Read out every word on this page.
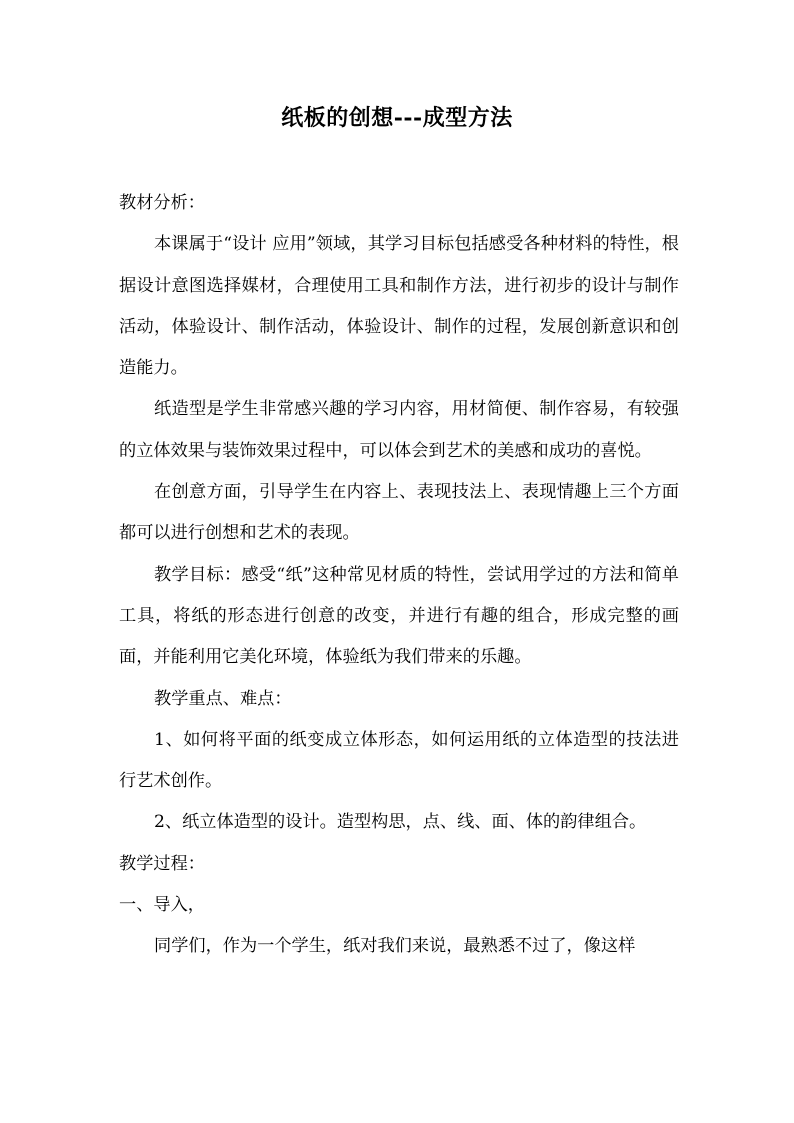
纸板的创想---成型方法

教材分析：

本课属于“设计 应用”领域，其学习目标包括感受各种材料的特性，根据设计意图选择媒材，合理使用工具和制作方法，进行初步的设计与制作活动，体验设计、制作活动，体验设计、制作的过程，发展创新意识和创造能力。

纸造型是学生非常感兴趣的学习内容，用材简便、制作容易，有较强的立体效果与装饰效果过程中，可以体会到艺术的美感和成功的喜悦。

在创意方面，引导学生在内容上、表现技法上、表现情趣上三个方面都可以进行创想和艺术的表现。

教学目标：感受“纸”这种常见材质的特性，尝试用学过的方法和简单工具，将纸的形态进行创意的改变，并进行有趣的组合，形成完整的画面，并能利用它美化环境，体验纸为我们带来的乐趣。

教学重点、难点：

1、如何将平面的纸变成立体形态，如何运用纸的立体造型的技法进行艺术创作。

2、纸立体造型的设计。造型构思，点、线、面、体的韵律组合。

教学过程：

一、导入，

同学们，作为一个学生，纸对我们来说，最熟悉不过了，像这样
